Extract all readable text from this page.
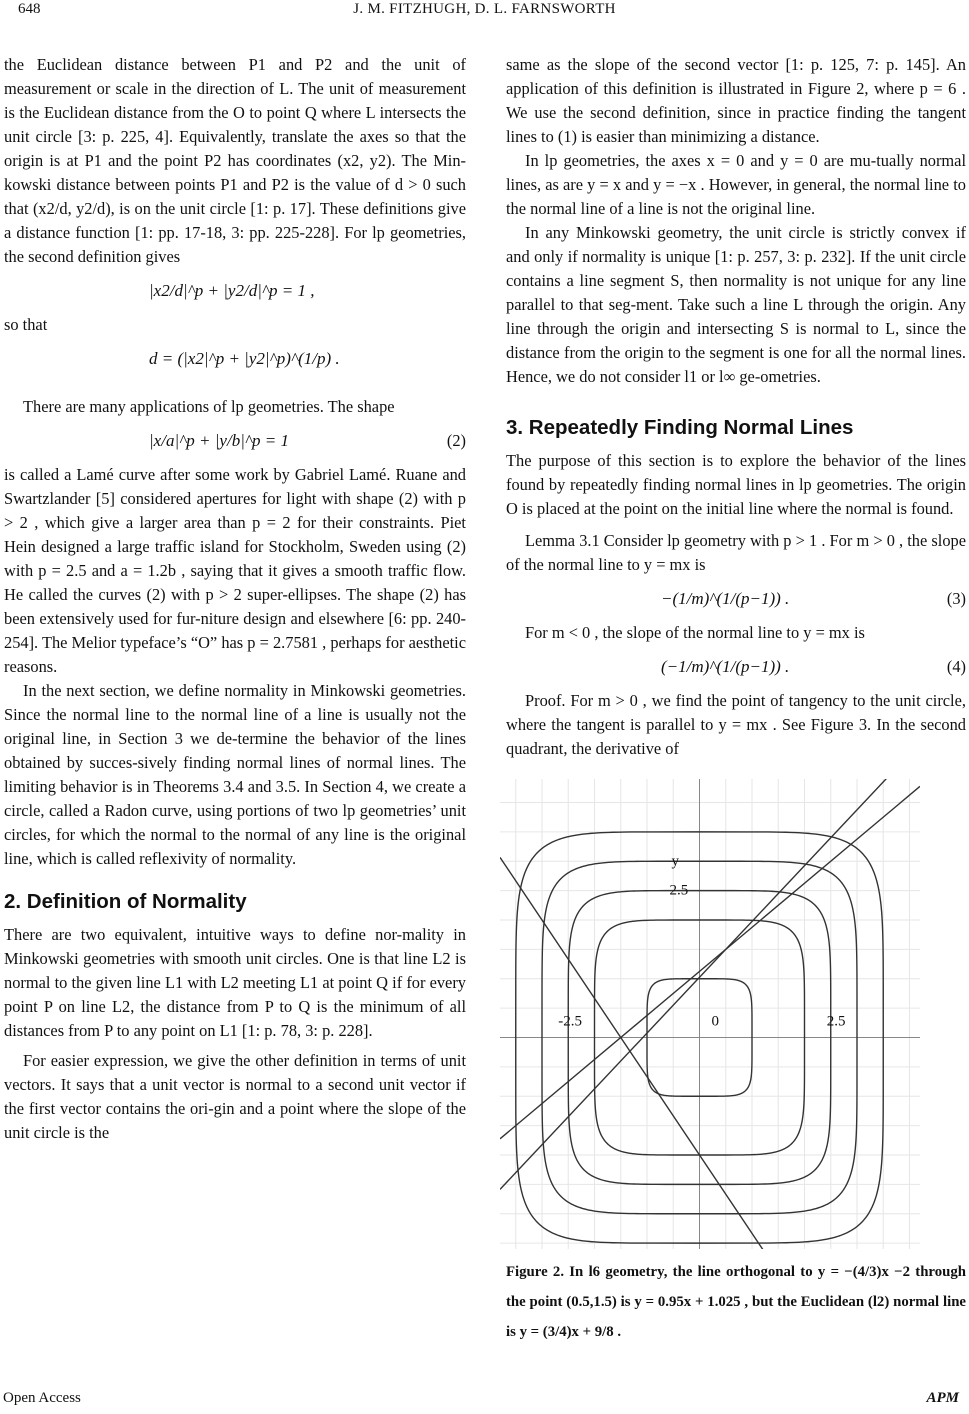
648	J. M. FITZHUGH, D. L. FARNSWORTH

the Euclidean distance between P1 and P2 and the unit of measurement or scale in the direction of L. The unit of measurement is the Euclidean distance from the O to point Q where L intersects the unit circle [3: p. 225, 4]. Equivalently, translate the axes so that the origin is at P1 and the point P2 has coordinates (x2, y2). The Min-kowski distance between points P1 and P2 is the value of d > 0 such that (x2/d, y2/d), is on the unit circle [1: p. 17]. These definitions give a distance function [1: pp. 17-18, 3: pp. 225-228]. For lp geometries, the second definition gives

|x2/d|^p + |y2/d|^p = 1 ,

so that

d = (|x2|^p + |y2|^p)^(1/p) .

There are many applications of lp geometries. The shape

|x/a|^p + |y/b|^p = 1	(2)

is called a Lamé curve after some work by Gabriel Lamé. Ruane and Swartzlander [5] considered apertures for light with shape (2) with p > 2 , which give a larger area than p = 2 for their constraints. Piet Hein designed a large traffic island for Stockholm, Sweden using (2) with p = 2.5 and a = 1.2b , saying that it gives a smooth traffic flow. He called the curves (2) with p > 2 super-ellipses. The shape (2) has been extensively used for fur-niture design and elsewhere [6: pp. 240-254]. The Melior typeface’s “O” has p = 2.7581 , perhaps for aesthetic reasons.

In the next section, we define normality in Minkowski geometries. Since the normal line to the normal line of a line is usually not the original line, in Section 3 we de-termine the behavior of the lines obtained by succes-sively finding normal lines of normal lines. The limiting behavior is in Theorems 3.4 and 3.5. In Section 4, we create a circle, called a Radon curve, using portions of two lp geometries’ unit circles, for which the normal to the normal of any line is the original line, which is called reflexivity of normality.

2. Definition of Normality

There are two equivalent, intuitive ways to define nor-mality in Minkowski geometries with smooth unit circles. One is that line L2 is normal to the given line L1 with L2 meeting L1 at point Q if for every point P on line L2, the distance from P to Q is the minimum of all distances from P to any point on L1 [1: p. 78, 3: p. 228].

For easier expression, we give the other definition in terms of unit vectors. It says that a unit vector is normal to a second unit vector if the first vector contains the ori-gin and a point where the slope of the unit circle is the

same as the slope of the second vector [1: p. 125, 7: p. 145]. An application of this definition is illustrated in Figure 2, where p = 6 . We use the second definition, since in practice finding the tangent lines to (1) is easier than minimizing a distance.

In lp geometries, the axes x = 0 and y = 0 are mu-tually normal lines, as are y = x and y = −x . However, in general, the normal line to the normal line of a line is not the original line.

In any Minkowski geometry, the unit circle is strictly convex if and only if normality is unique [1: p. 257, 3: p. 232]. If the unit circle contains a line segment S, then normality is not unique for any line parallel to that seg-ment. Take such a line L through the origin. Any line through the origin and intersecting S is normal to L, since the distance from the origin to the segment is one for all the normal lines. Hence, we do not consider l1 or l∞ ge-ometries.

3. Repeatedly Finding Normal Lines

The purpose of this section is to explore the behavior of the lines found by repeatedly finding normal lines in lp geometries. The origin O is placed at the point on the initial line where the normal is found.

Lemma 3.1 Consider lp geometry with p > 1 . For m > 0 , the slope of the normal line to y = mx is

−(1/m)^(1/(p−1)) .	(3)

For m < 0 , the slope of the normal line to y = mx is

(−1/m)^(1/(p−1)) .	(4)

Proof. For m > 0 , we find the point of tangency to the unit circle, where the tangent is parallel to y = mx . See Figure 3. In the second quadrant, the derivative of

y
2.5
-2.5	0	2.5
Figure 2. In l6 geometry, the line orthogonal to y = −(4/3)x −2 through the point (0.5,1.5) is y = 0.95x + 1.025 , but the Euclidean (l2) normal line is y = (3/4)x + 9/8 .
Open Access	APM
